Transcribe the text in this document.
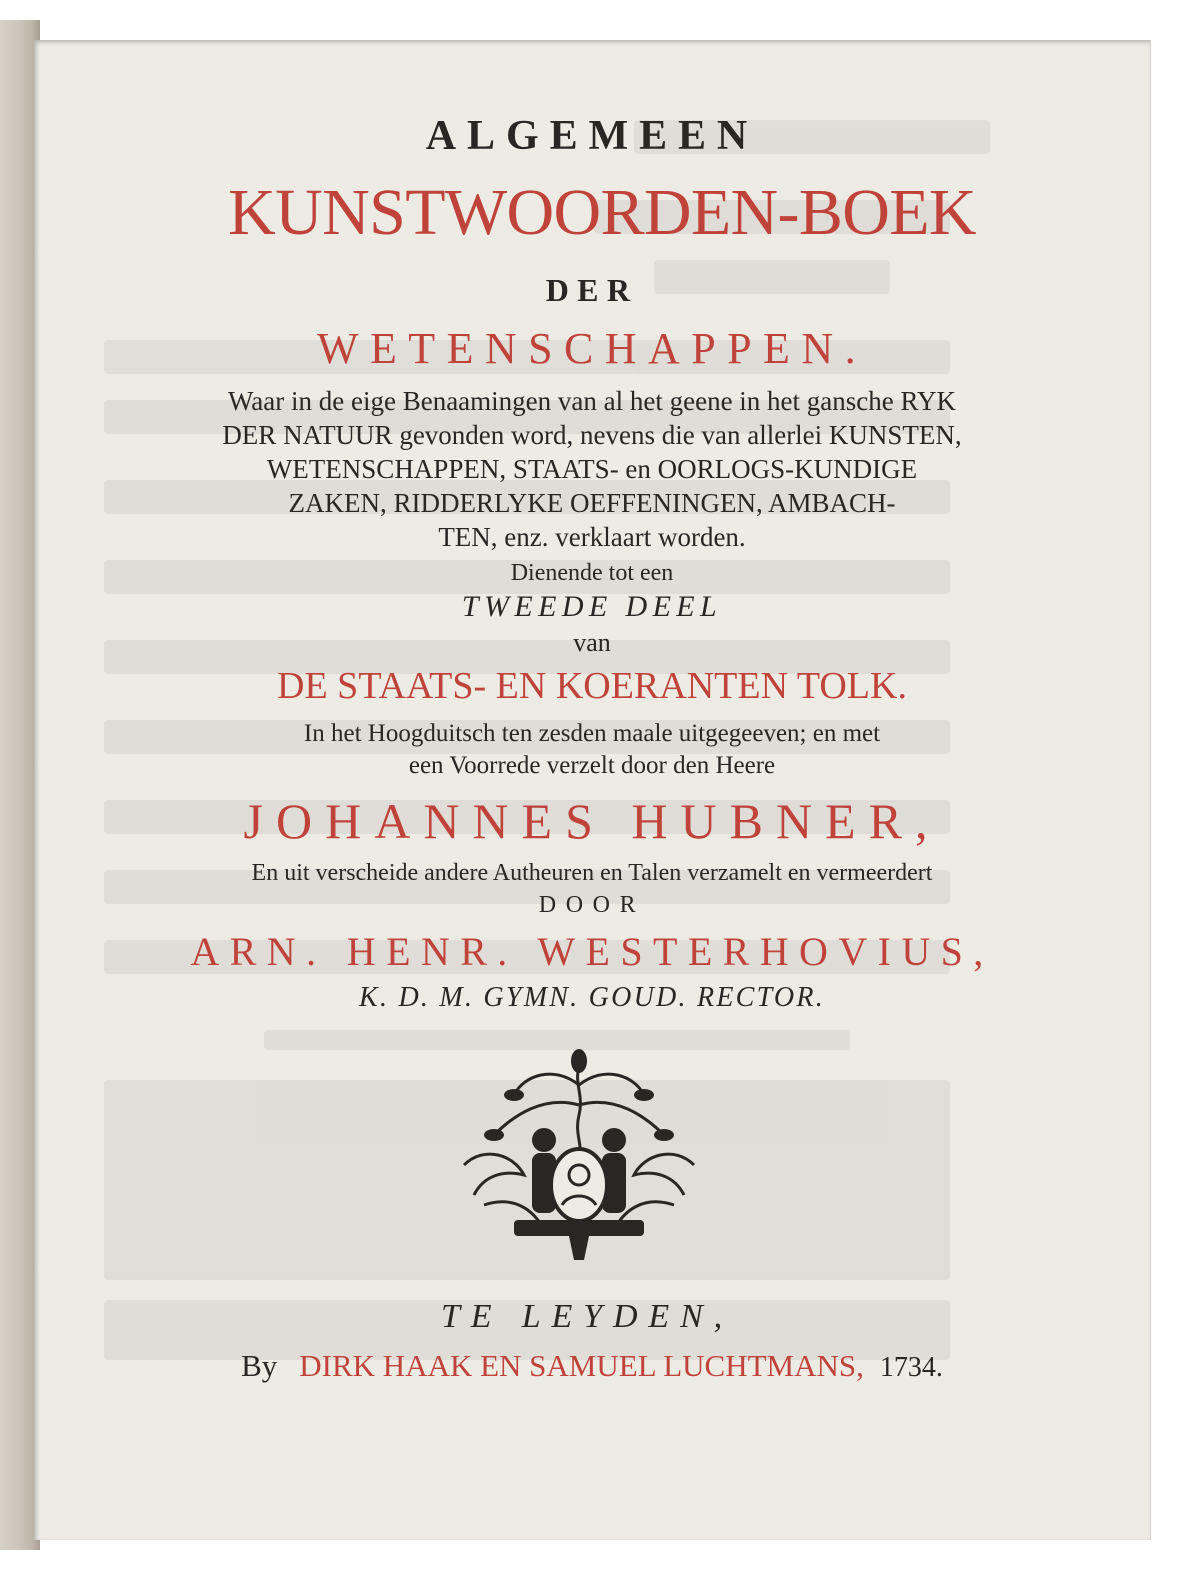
ALGEMEEN
KUNSTWOORDEN-BOEK
DER
WETENSCHAPPEN.
Waar in de eige Benaamingen van al het geene in het gansche RYK
DER NATUUR gevonden word, nevens die van allerlei KUNSTEN,
WETENSCHAPPEN, STAATS- en OORLOGS-KUNDIGE
ZAKEN, RIDDERLYKE OEFFENINGEN, AMBACH-
TEN, enz. verklaart worden.
Dienende tot een
TWEEDE DEEL
van
DE STAATS- EN KOERANTEN TOLK.
In het Hoogduitsch ten zesden maale uitgegeeven; en met
een Voorrede verzelt door den Heere
JOHANNES HUBNER,
En uit verscheide andere Autheuren en Talen verzamelt en vermeerdert
DOOR
ARN. HENR. WESTERHOVIUS,
K. D. M. GYMN. GOUD. RECTOR.
TE LEYDEN,
By DIRK HAAK EN SAMUEL LUCHTMANS, 1734.
